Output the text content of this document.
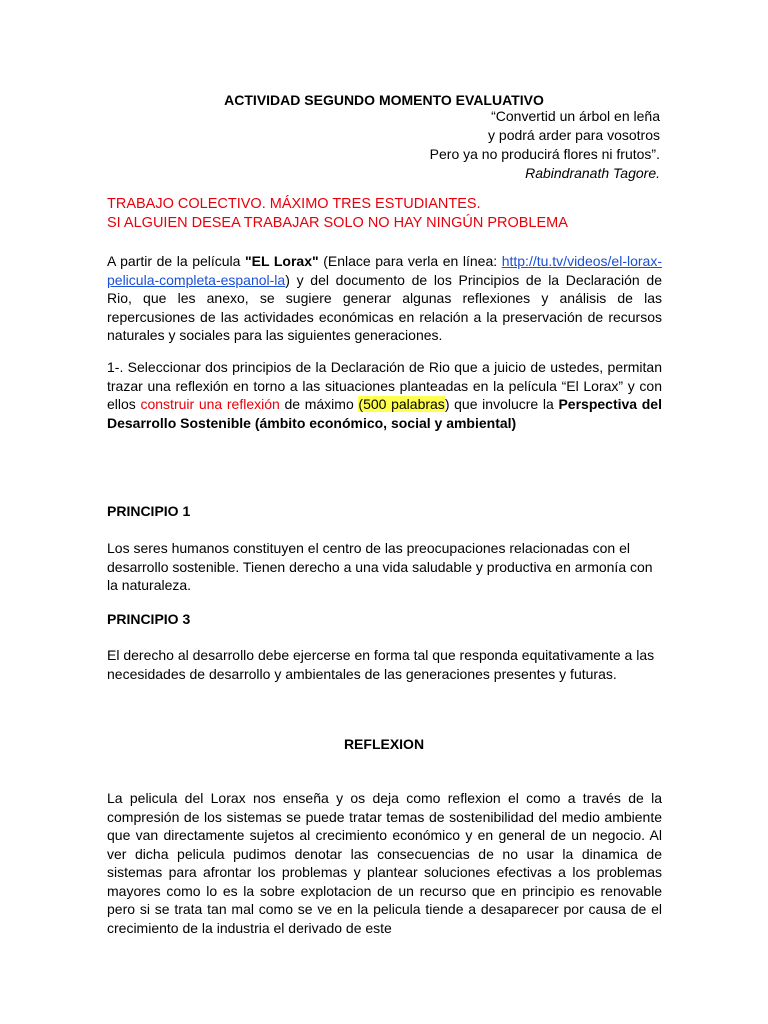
ACTIVIDAD SEGUNDO MOMENTO EVALUATIVO
“Convertid un árbol en leña
y podrá arder para vosotros
Pero ya no producirá flores ni frutos”.
Rabindranath Tagore.
TRABAJO COLECTIVO. MÁXIMO TRES ESTUDIANTES.
SI ALGUIEN DESEA TRABAJAR SOLO NO HAY NINGÚN PROBLEMA
A partir de la película "EL Lorax" (Enlace para verla en línea: http://tu.tv/videos/el-lorax-pelicula-completa-espanol-la) y del documento de los Principios de la Declaración de Rio, que les anexo, se sugiere generar algunas reflexiones y análisis de las repercusiones de las actividades económicas en relación a la preservación de recursos naturales y sociales para las siguientes generaciones.
1-. Seleccionar dos principios de la Declaración de Rio que a juicio de ustedes, permitan trazar una reflexión en torno a las situaciones planteadas en la película “El Lorax” y con ellos construir una reflexión de máximo (500 palabras) que involucre la Perspectiva del Desarrollo Sostenible (ámbito económico, social y ambiental)
PRINCIPIO 1
Los seres humanos constituyen el centro de las preocupaciones relacionadas con el desarrollo sostenible. Tienen derecho a una vida saludable y productiva en armonía con la naturaleza.
PRINCIPIO 3
El derecho al desarrollo debe ejercerse en forma tal que responda equitativamente a las necesidades de desarrollo y ambientales de las generaciones presentes y futuras.
REFLEXION
La pelicula del Lorax nos enseña y os deja como reflexion el como a través de la compresión de los sistemas se puede tratar temas de sostenibilidad del medio ambiente que van directamente sujetos al crecimiento económico y en general de un negocio. Al ver dicha pelicula pudimos denotar las consecuencias de no usar la dinamica de sistemas para afrontar los problemas y plantear soluciones efectivas a los problemas mayores como lo es la sobre explotacion de un recurso que en principio es renovable pero si se trata tan mal como se ve en la pelicula tiende a desaparecer por causa de el crecimiento de la industria el derivado de este
